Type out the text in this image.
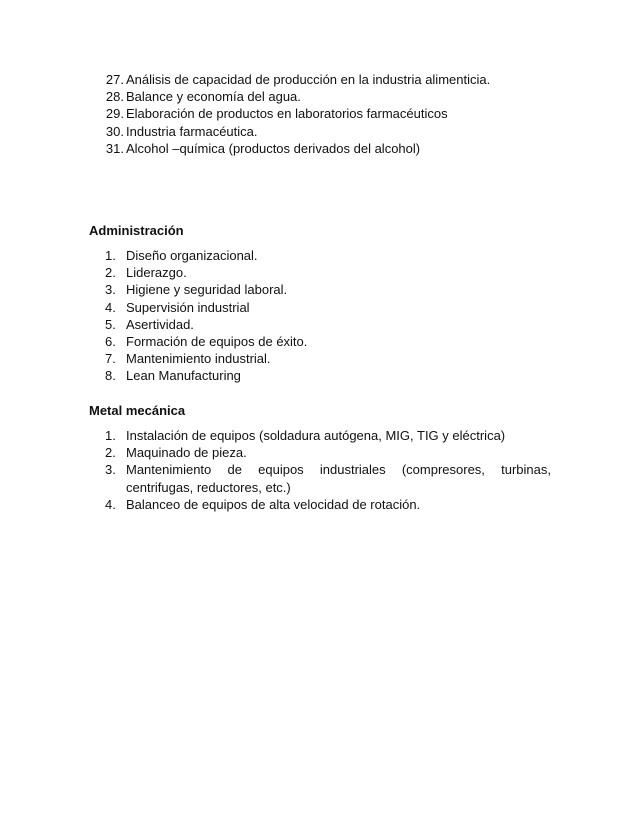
27. Análisis de capacidad de producción en la industria alimenticia.
28. Balance y economía del agua.
29. Elaboración de productos en laboratorios farmacéuticos
30. Industria farmacéutica.
31. Alcohol –química (productos derivados del alcohol)
Administración
1. Diseño organizacional.
2. Liderazgo.
3. Higiene y seguridad laboral.
4. Supervisión industrial
5. Asertividad.
6. Formación de equipos de éxito.
7. Mantenimiento industrial.
8. Lean Manufacturing
Metal mecánica
1. Instalación de equipos (soldadura autógena, MIG, TIG y eléctrica)
2. Maquinado de pieza.
3. Mantenimiento de equipos industriales (compresores, turbinas, centrifugas, reductores, etc.)
4. Balanceo de equipos de alta velocidad de rotación.
